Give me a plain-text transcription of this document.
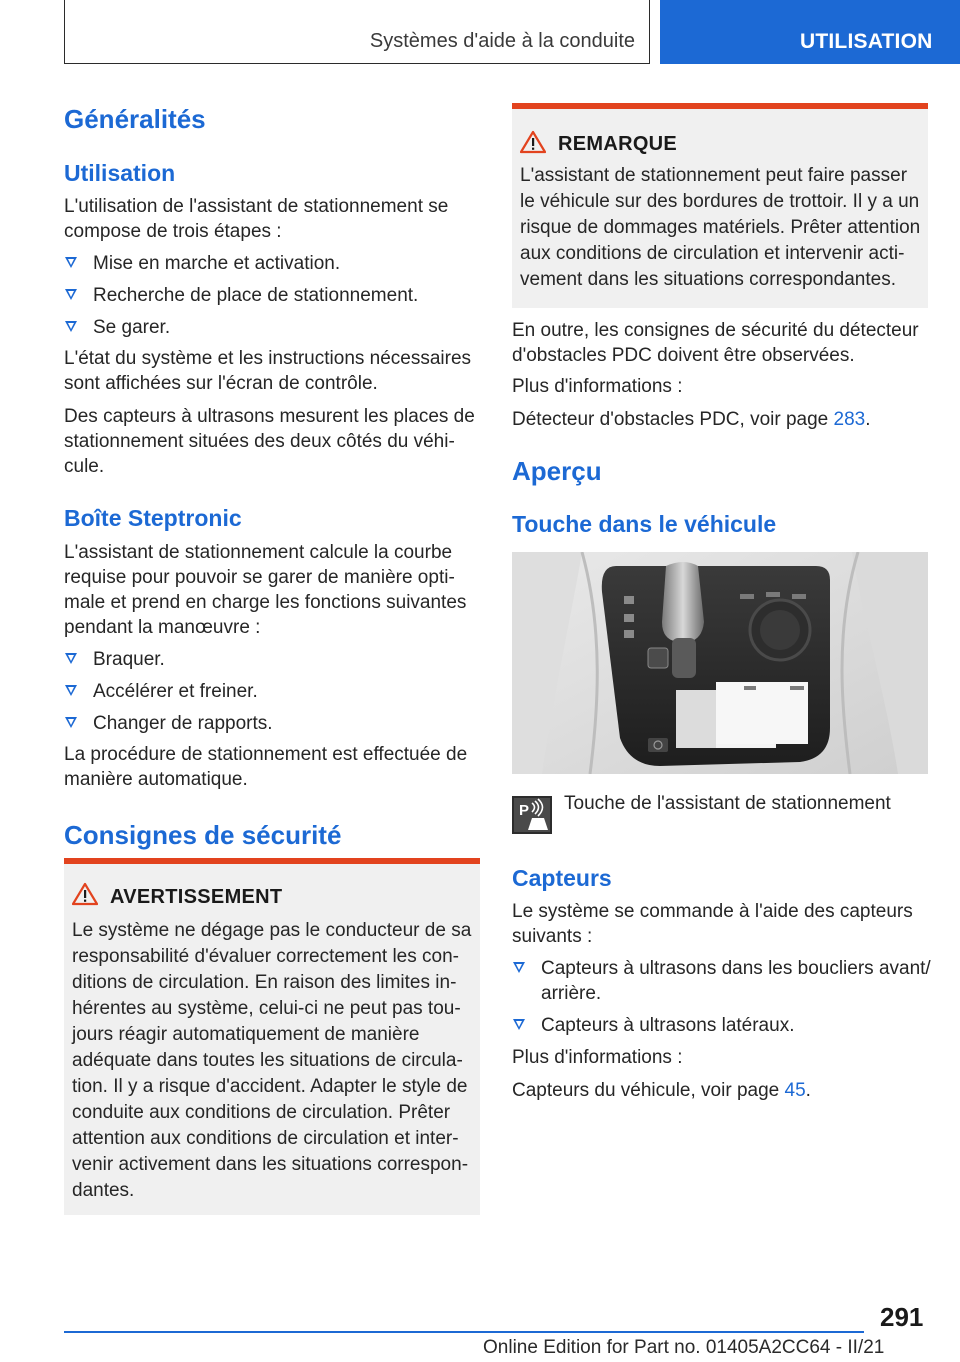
Systèmes d'aide à la conduite	UTILISATION
Généralités
Utilisation

L'utilisation de l'assistant de stationnement se
compose de trois étapes :

Mise en marche et activation.
Recherche de place de stationnement.
Se garer.

L'état du système et les instructions nécessaires
sont affichées sur l'écran de contrôle.

Des capteurs à ultrasons mesurent les places de
stationnement situées des deux côtés du véhi-
cule.

Boîte Steptronic

L'assistant de stationnement calcule la courbe
requise pour pouvoir se garer de manière opti-
male et prend en charge les fonctions suivantes
pendant la manœuvre :

Braquer.
Accélérer et freiner.
Changer de rapports.

La procédure de stationnement est effectuée de
manière automatique.

Consignes de sécurité
AVERTISSEMENT
Le système ne dégage pas le conducteur de sa
responsabilité d'évaluer correctement les con-
ditions de circulation. En raison des limites in-
hérentes au système, celui-ci ne peut pas tou-
jours réagir automatiquement de manière
adéquate dans toutes les situations de circula-
tion. Il y a risque d'accident. Adapter le style de
conduite aux conditions de circulation. Prêter
attention aux conditions de circulation et inter-
venir activement dans les situations correspon-
dantes.
REMARQUE
L'assistant de stationnement peut faire passer
le véhicule sur des bordures de trottoir. Il y a un
risque de dommages matériels. Prêter attention
aux conditions de circulation et intervenir acti-
vement dans les situations correspondantes.

En outre, les consignes de sécurité du détecteur
d'obstacles PDC doivent être observées.

Plus d'informations :

Détecteur d'obstacles PDC, voir page 283.

Aperçu
Touche dans le véhicule
P Touche de l'assistant de stationnement

Capteurs

Le système se commande à l'aide des capteurs
suivants :

Capteurs à ultrasons dans les boucliers avant/
arrière.
Capteurs à ultrasons latéraux.

Plus d'informations :

Capteurs du véhicule, voir page 45.

291
Online Edition for Part no. 01405A2CC64 - II/21
